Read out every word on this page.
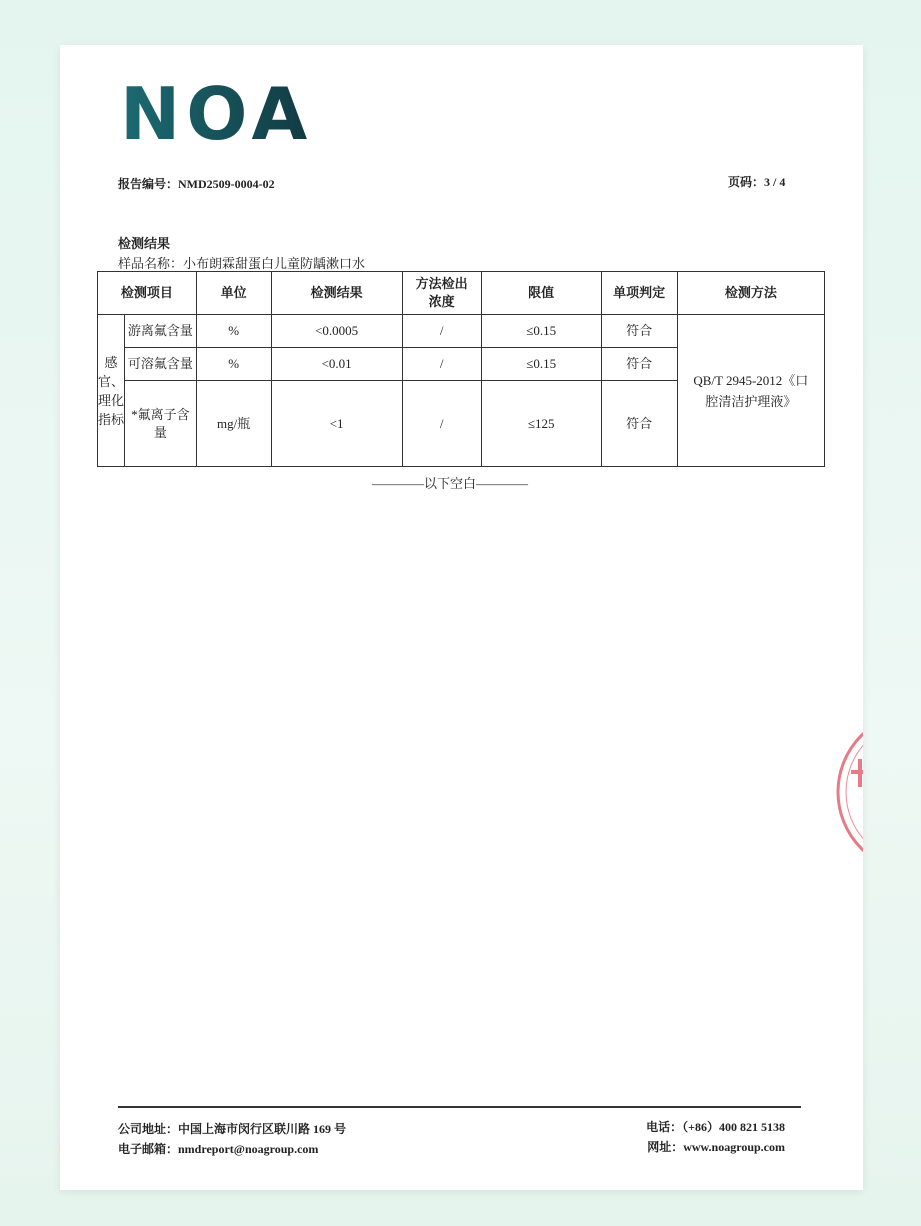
NOA
报告编号：NMD2509-0004-02	页码：3 / 4
检测结果
样品名称：小布朗霖甜蛋白儿童防龋漱口水
检测项目		单位	检测结果	方法检出浓度	限值	单项判定	检测方法
感官、理化指标	游离氟含量	%	<0.0005	/	≤0.15	符合	QB/T 2945-2012《口腔清洁护理液》
	可溶氟含量	%	<0.01	/	≤0.15	符合	
	*氟离子含量	mg/瓶	<1	/	≤125	符合	
————以下空白————
公司地址：中国上海市闵行区联川路 169 号
电子邮箱：nmdreport@noagroup.com
电话：（+86）400 821 5138
网址：www.noagroup.com
